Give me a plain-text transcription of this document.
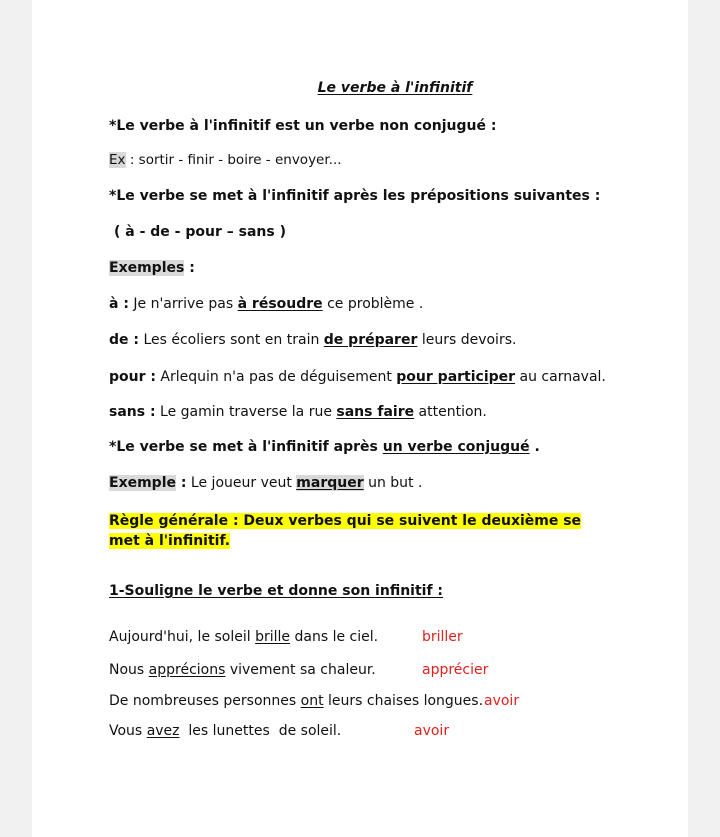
Le verbe à l'infinitif
*Le verbe à l'infinitif est un verbe non conjugué :
Ex : sortir - finir - boire - envoyer...
*Le verbe se met à l'infinitif après les prépositions suivantes :
( à - de - pour – sans )
Exemples :
à : Je n'arrive pas à résoudre ce problème .
de : Les écoliers sont en train de préparer leurs devoirs.
pour : Arlequin n'a pas de déguisement pour participer au carnaval.
sans : Le gamin traverse la rue sans faire attention.
*Le verbe se met à l'infinitif après un verbe conjugué .
Exemple : Le joueur veut marquer un but .
Règle générale : Deux verbes qui se suivent le deuxième se met à l'infinitif.
1-Souligne le verbe et donne son infinitif :
Aujourd'hui, le soleil brille dans le ciel.	briller
Nous apprécions vivement sa chaleur.	apprécier
De nombreuses personnes ont leurs chaises longues. avoir
Vous avez  les lunettes  de soleil.	avoir
